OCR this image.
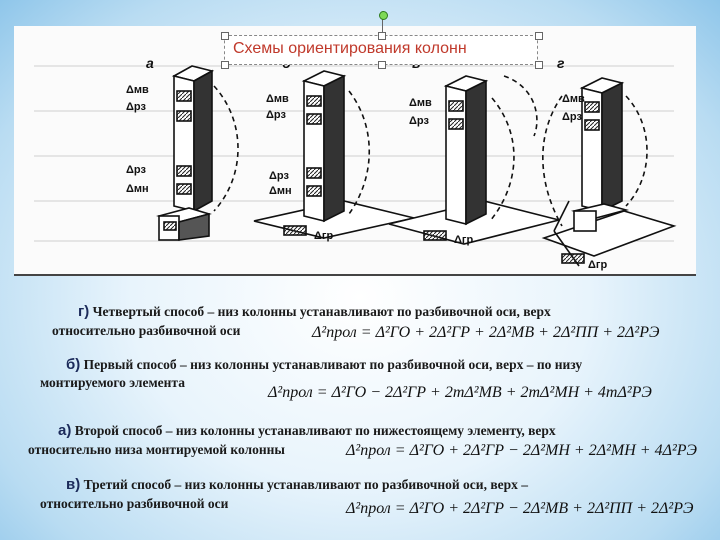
а	г
Δмв
Δрз
Δрз
Δмн
Δмв
Δрз
Δрз
Δмн
Δгр
Δмв
Δрз
Δгр
Δмв
Δрз
Δгр
Схемы ориентирования колонн
г) Четвертый способ – низ колонны устанавливают по разбивочной оси, верх
относительно разбивочной оси	Δ²прол = Δ²ГО + 2Δ²ГР + 2Δ²МВ + 2Δ²ПП + 2Δ²РЭ
б) Первый способ – низ колонны устанавливают по разбивочной оси, верх – по низу
монтируемого элемента
Δ²прол = Δ²ГО − 2Δ²ГР + 2mΔ²МВ + 2mΔ²МН + 4mΔ²РЭ
а) Второй способ – низ колонны устанавливают по нижестоящему элементу, верх
относительно низа монтируемой колонны	Δ²прол = Δ²ГО + 2Δ²ГР − 2Δ²МН + 2Δ²МН + 4Δ²РЭ
в) Третий способ – низ колонны устанавливают по разбивочной оси, верх –
относительно разбивочной оси	Δ²прол = Δ²ГО + 2Δ²ГР − 2Δ²МВ + 2Δ²ПП + 2Δ²РЭ
